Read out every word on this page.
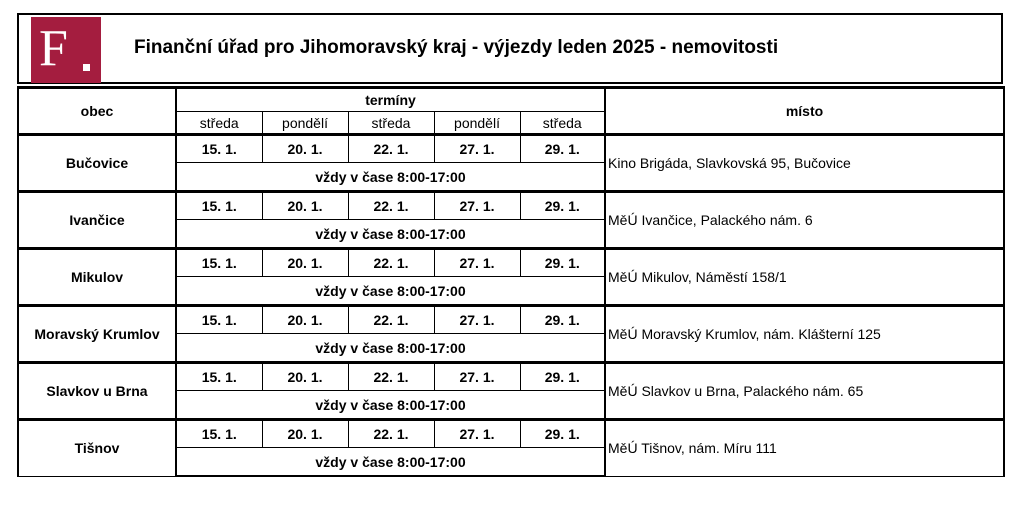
F	Finanční úřad pro Jihomoravský kraj - výjezdy leden 2025 - nemovitosti
obec	termíny					místo
	středa	pondělí	středa	pondělí	středa	
Bučovice	15. 1.	20. 1.	22. 1.	27. 1.	29. 1.	Kino Brigáda, Slavkovská 95, Bučovice
	vždy v čase 8:00-17:00					
Ivančice	15. 1.	20. 1.	22. 1.	27. 1.	29. 1.	MěÚ Ivančice, Palackého nám. 6
	vždy v čase 8:00-17:00					
Mikulov	15. 1.	20. 1.	22. 1.	27. 1.	29. 1.	MěÚ Mikulov, Náměstí 158/1
	vždy v čase 8:00-17:00					
Moravský Krumlov	15. 1.	20. 1.	22. 1.	27. 1.	29. 1.	MěÚ Moravský Krumlov, nám. Klášterní 125
	vždy v čase 8:00-17:00					
Slavkov u Brna	15. 1.	20. 1.	22. 1.	27. 1.	29. 1.	MěÚ Slavkov u Brna, Palackého nám. 65
	vždy v čase 8:00-17:00					
Tišnov	15. 1.	20. 1.	22. 1.	27. 1.	29. 1.	MěÚ Tišnov, nám. Míru 111
	vždy v čase 8:00-17:00					
